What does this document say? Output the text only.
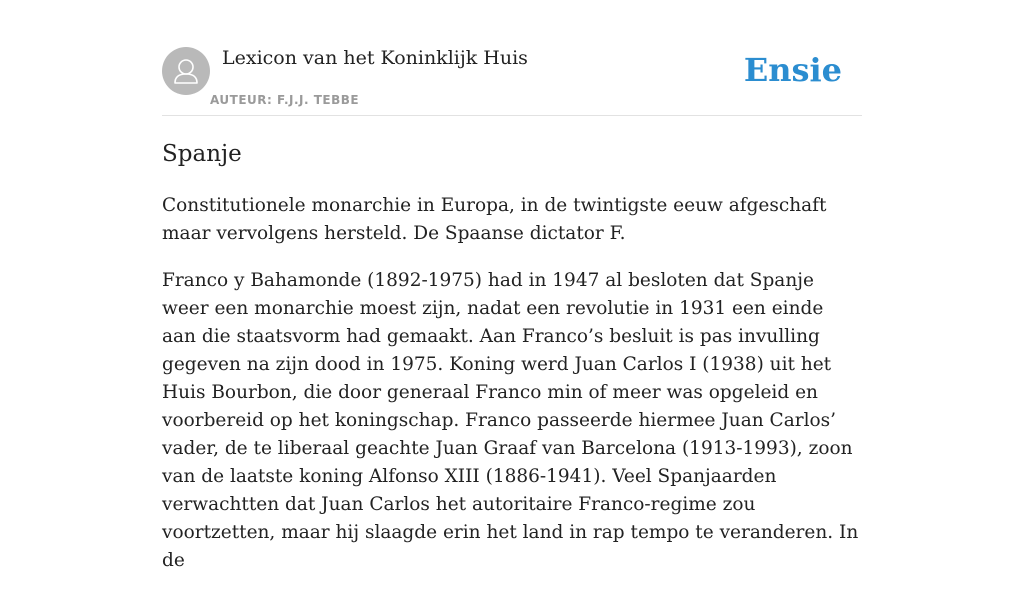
Lexicon van het Koninklijk Huis
AUTEUR: F.J.J. TEBBE
Ensie
Spanje

Constitutionele monarchie in Europa, in de twintigste eeuw afgeschaft maar vervolgens hersteld. De Spaanse dictator F.

Franco y Bahamonde (1892-1975) had in 1947 al besloten dat Spanje weer een monarchie moest zijn, nadat een revolutie in 1931 een einde aan die staatsvorm had gemaakt. Aan Franco’s besluit is pas invulling gegeven na zijn dood in 1975. Koning werd Juan Carlos I (1938) uit het Huis Bourbon, die door generaal Franco min of meer was opgeleid en voorbereid op het koningschap. Franco passeerde hiermee Juan Carlos’ vader, de te liberaal geachte Juan Graaf van Barcelona (1913-1993), zoon van de laatste koning Alfonso XIII (1886-1941). Veel Spanjaarden verwachtten dat Juan Carlos het autoritaire Franco-regime zou voortzetten, maar hij slaagde erin het land in rap tempo te veranderen. In de
